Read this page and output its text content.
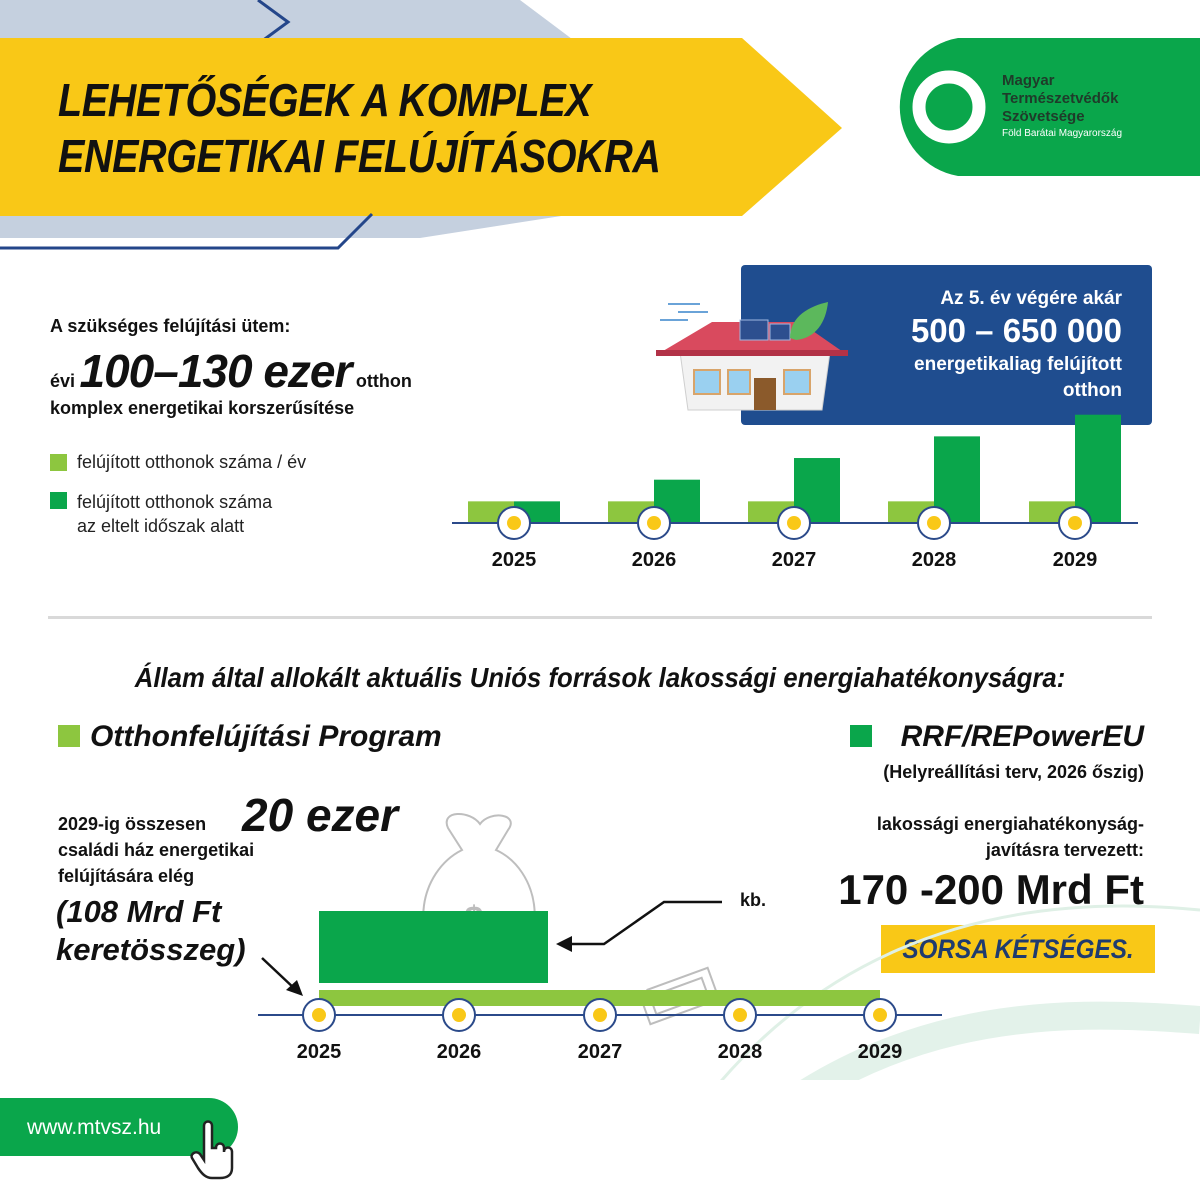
LEHETŐSÉGEK A KOMPLEX
ENERGETIKAI FELÚJÍTÁSOKRA
Magyar
Természetvédők
Szövetsége
Föld Barátai Magyarország
A szükséges felújítási ütem:
évi 100–130 ezer otthon
komplex energetikai korszerűsítése
felújított otthonok száma / év
felújított otthonok száma
az eltelt időszak alatt
Az 5. év végére akár
500 – 650 000
energetikaliag felújított
otthon
2025	2026	2027	2028	2029
Állam által allokált aktuális Uniós források lakossági energiahatékonyságra:
Otthonfelújítási Program	RRF/REPowerEU
(Helyreállítási terv, 2026 őszig)
2029-ig összesen 20 ezer
családi ház energetikai
felújítására elég
(108 Mrd Ft
keretösszeg)
lakossági energiahatékonyság-
javításra tervezett:
kb.	170 -200 Mrd Ft
SORSA KÉTSÉGES.
2025	2026	2027	2028	2029
www.mtvsz.hu
